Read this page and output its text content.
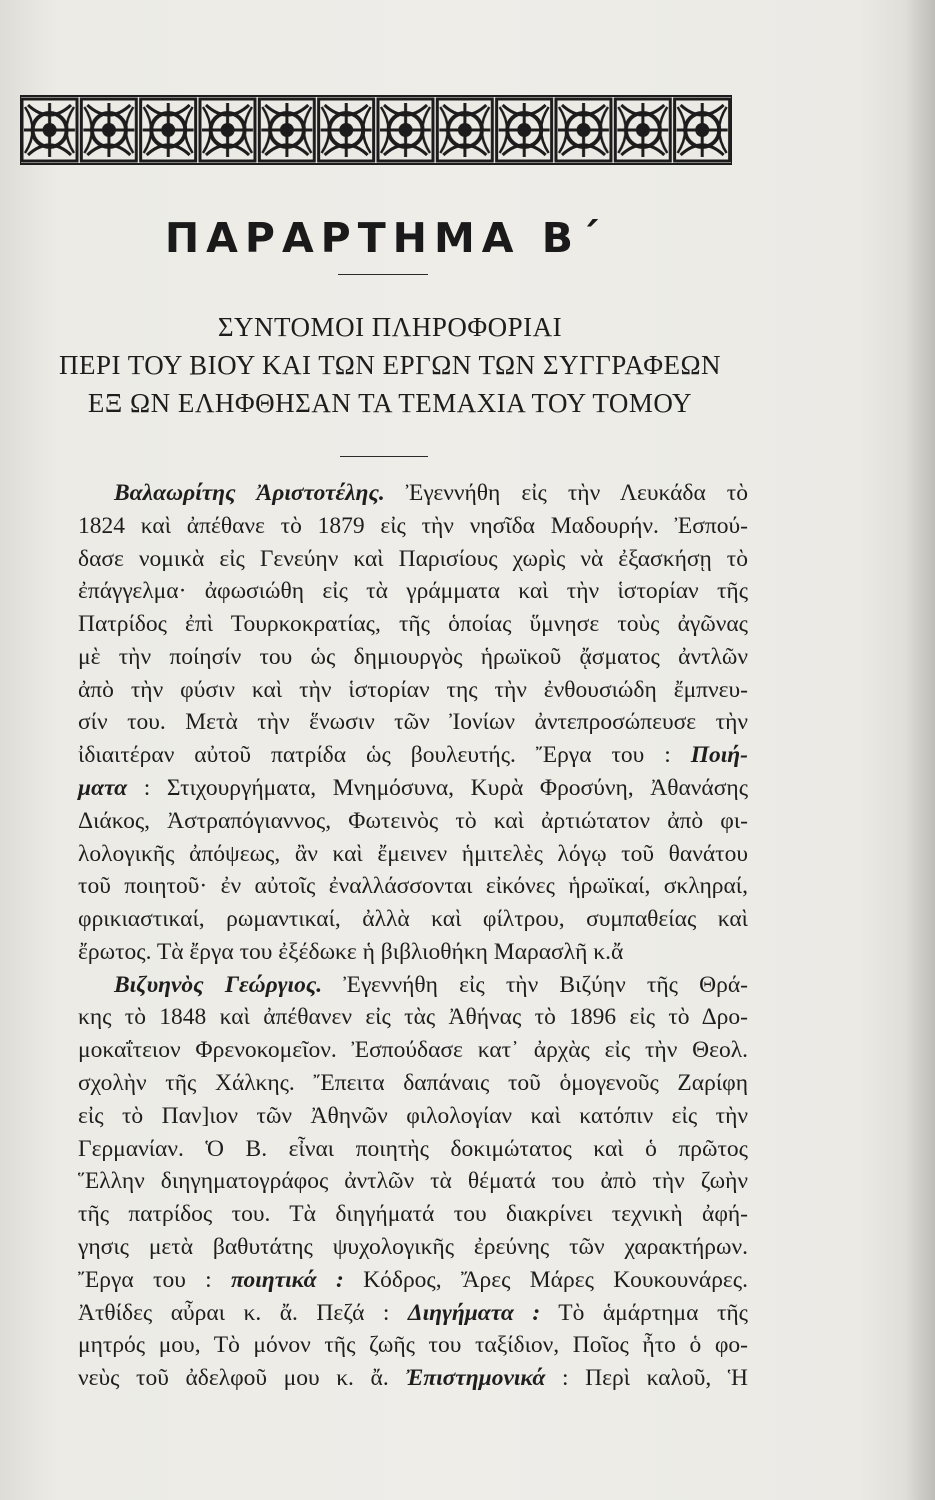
ΠΑΡΑΡΤΗΜΑ Β΄
ΣΥΝΤΟΜΟΙ ΠΛΗΡΟΦΟΡΙΑΙ
ΠΕΡΙ ΤΟΥ ΒΙΟΥ ΚΑΙ ΤΩΝ ΕΡΓΩΝ ΤΩΝ ΣΥΓΓΡΑΦΕΩΝ
ΕΞ ΩΝ ΕΛΗΦΘΗΣΑΝ ΤΑ ΤΕΜΑΧΙΑ ΤΟΥ ΤΟΜΟΥ
Βαλαωρίτης Ἀριστοτέλης. Ἐγεννήθη εἰς τὴν Λευκάδα τὸ
1824 καὶ ἀπέθανε τὸ 1879 εἰς τὴν νησῖδα Μαδουρήν. Ἐσπού-
δασε νομικὰ εἰς Γενεύην καὶ Παρισίους χωρὶς νὰ ἐξασκήσῃ τὸ
ἐπάγγελμα· ἀφωσιώθη εἰς τὰ γράμματα καὶ τὴν ἱστορίαν τῆς
Πατρίδος ἐπὶ Τουρκοκρατίας, τῆς ὁποίας ὕμνησε τοὺς ἀγῶνας
μὲ τὴν ποίησίν του ὡς δημιουργὸς ἡρωϊκοῦ ᾄσματος ἀντλῶν
ἀπὸ τὴν φύσιν καὶ τὴν ἱστορίαν της τὴν ἐνθουσιώδη ἔμπνευ-
σίν του. Μετὰ τὴν ἕνωσιν τῶν Ἰονίων ἀντεπροσώπευσε τὴν
ἰδιαιτέραν αὐτοῦ πατρίδα ὡς βουλευτής. Ἔργα του : Ποιή-
ματα : Στιχουργήματα, Μνημόσυνα, Κυρὰ Φροσύνη, Ἀθανάσης
Διάκος, Ἀστραπόγιαννος, Φωτεινὸς τὸ καὶ ἀρτιώτατον ἀπὸ φι-
λολογικῆς ἀπόψεως, ἂν καὶ ἔμεινεν ἡμιτελὲς λόγῳ τοῦ θανάτου
τοῦ ποιητοῦ· ἐν αὐτοῖς ἐναλλάσσονται εἰκόνες ἡρωϊκαί, σκληραί,
φρικιαστικαί, ρωμαντικαί, ἀλλὰ καὶ φίλτρου, συμπαθείας καὶ
ἔρωτος. Τὰ ἔργα του ἐξέδωκε ἡ βιβλιοθήκη Μαρασλῆ κ.ἄ
Βιζυηνὸς Γεώργιος. Ἐγεννήθη εἰς τὴν Βιζύην τῆς Θρά-
κης τὸ 1848 καὶ ἀπέθανεν εἰς τὰς Ἀθήνας τὸ 1896 εἰς τὸ Δρο-
μοκαΐτειον Φρενοκομεῖον. Ἐσπούδασε κατ᾽ ἀρχὰς εἰς τὴν Θεολ.
σχολὴν τῆς Χάλκης. Ἔπειτα δαπάναις τοῦ ὁμογενοῦς Ζαρίφη
εἰς τὸ Παν]ιον τῶν Ἀθηνῶν φιλολογίαν καὶ κατόπιν εἰς τὴν
Γερμανίαν. Ὁ Β. εἶναι ποιητὴς δοκιμώτατος καὶ ὁ πρῶτος
Ἕλλην διηγηματογράφος ἀντλῶν τὰ θέματά του ἀπὸ τὴν ζωὴν
τῆς πατρίδος του. Τὰ διηγήματά του διακρίνει τεχνικὴ ἀφή-
γησις μετὰ βαθυτάτης ψυχολογικῆς ἐρεύνης τῶν χαρακτήρων.
Ἔργα του : ποιητικά : Κόδρος, Ἄρες Μάρες Κουκουνάρες.
Ἀτθίδες αὖραι κ. ἄ. Πεζά : Διηγήματα : Τὸ ἁμάρτημα τῆς
μητρός μου, Τὸ μόνον τῆς ζωῆς του ταξίδιον, Ποῖος ἦτο ὁ φο-
νεὺς τοῦ ἀδελφοῦ μου κ. ἄ. Ἐπιστημονικά : Περὶ καλοῦ, Ἡ
